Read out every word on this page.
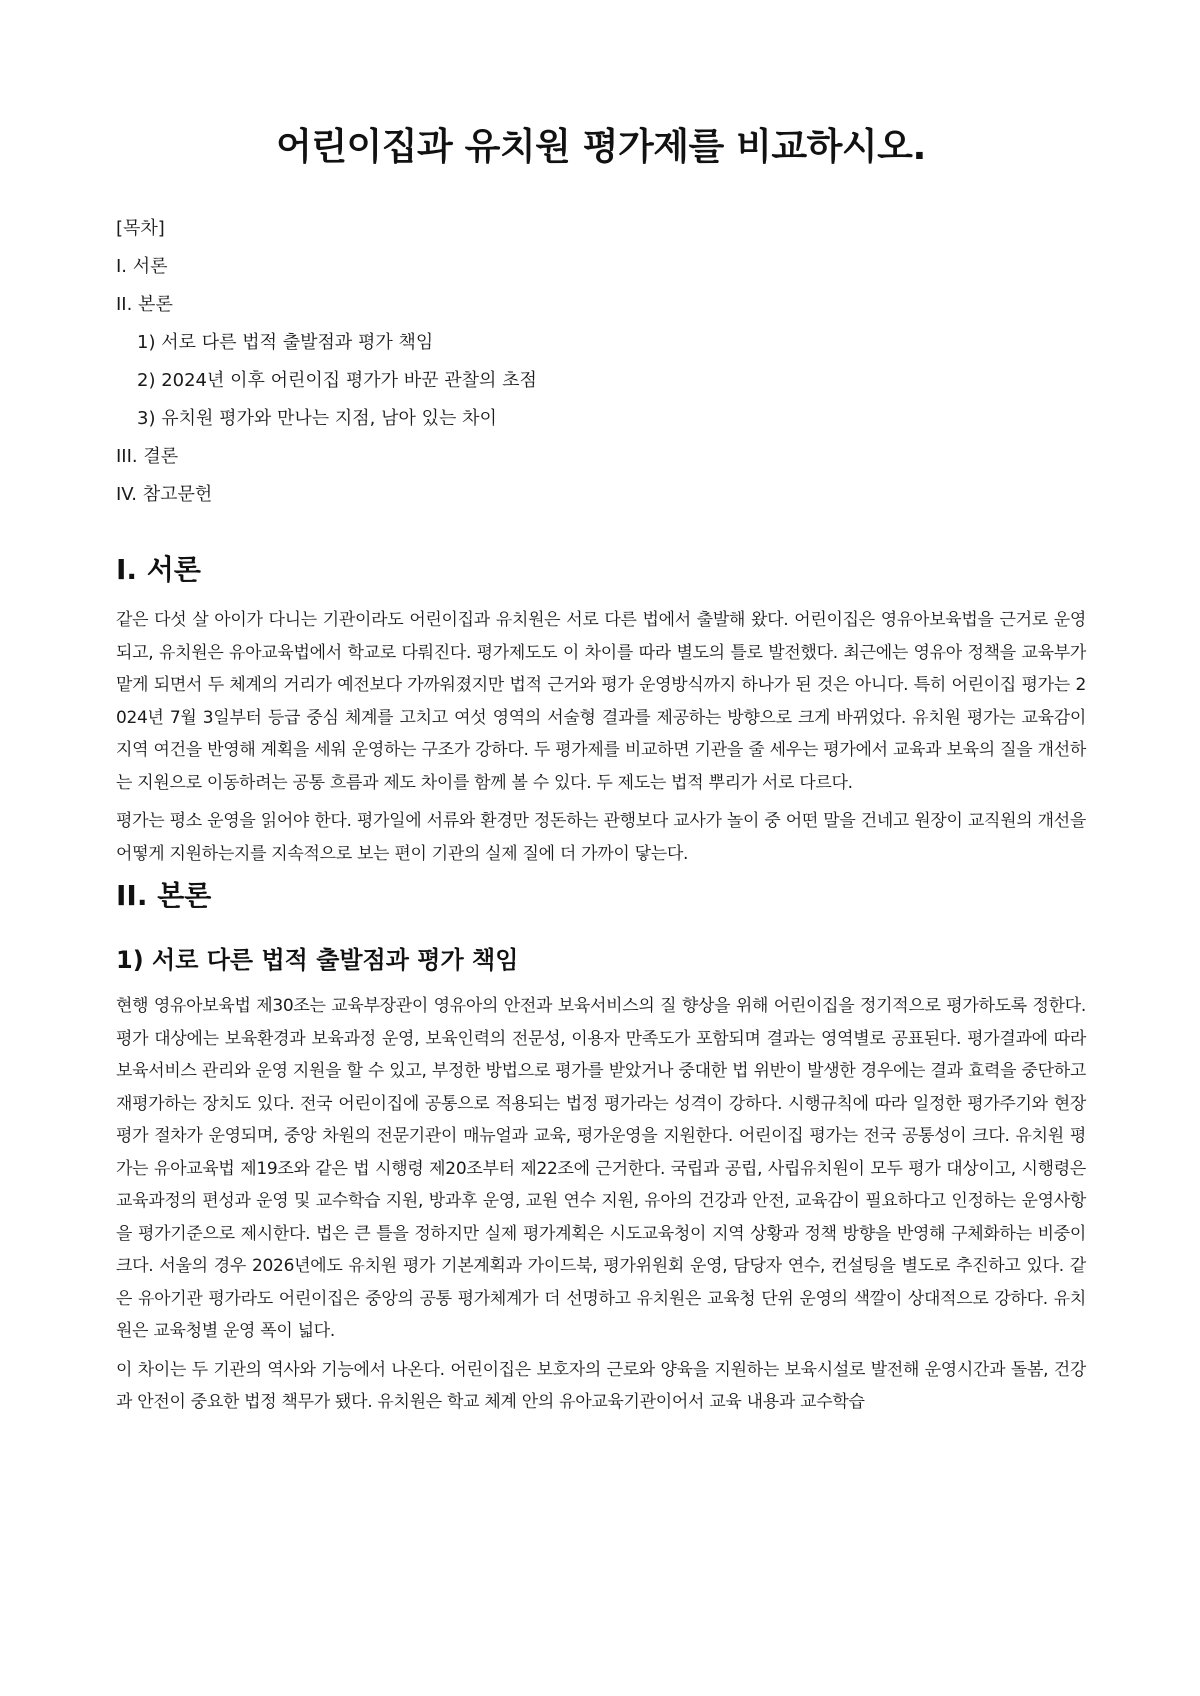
어린이집과 유치원 평가제를 비교하시오.
[목차]
I. 서론
II. 본론
1) 서로 다른 법적 출발점과 평가 책임
2) 2024년 이후 어린이집 평가가 바꾼 관찰의 초점
3) 유치원 평가와 만나는 지점, 남아 있는 차이
III. 결론
IV. 참고문헌
I. 서론

같은 다섯 살 아이가 다니는 기관이라도 어린이집과 유치원은 서로 다른 법에서 출발해 왔다. 어린이집은 영유아보육법을 근거로 운영되고, 유치원은 유아교육법에서 학교로 다뤄진다. 평가제도도 이 차이를 따라 별도의 틀로 발전했다. 최근에는 영유아 정책을 교육부가 맡게 되면서 두 체계의 거리가 예전보다 가까워졌지만 법적 근거와 평가 운영방식까지 하나가 된 것은 아니다. 특히 어린이집 평가는 2024년 7월 3일부터 등급 중심 체계를 고치고 여섯 영역의 서술형 결과를 제공하는 방향으로 크게 바뀌었다. 유치원 평가는 교육감이 지역 여건을 반영해 계획을 세워 운영하는 구조가 강하다. 두 평가제를 비교하면 기관을 줄 세우는 평가에서 교육과 보육의 질을 개선하는 지원으로 이동하려는 공통 흐름과 제도 차이를 함께 볼 수 있다. 두 제도는 법적 뿌리가 서로 다르다.

평가는 평소 운영을 읽어야 한다. 평가일에 서류와 환경만 정돈하는 관행보다 교사가 놀이 중 어떤 말을 건네고 원장이 교직원의 개선을 어떻게 지원하는지를 지속적으로 보는 편이 기관의 실제 질에 더 가까이 닿는다.

II. 본론
1) 서로 다른 법적 출발점과 평가 책임

현행 영유아보육법 제30조는 교육부장관이 영유아의 안전과 보육서비스의 질 향상을 위해 어린이집을 정기적으로 평가하도록 정한다. 평가 대상에는 보육환경과 보육과정 운영, 보육인력의 전문성, 이용자 만족도가 포함되며 결과는 영역별로 공표된다. 평가결과에 따라 보육서비스 관리와 운영 지원을 할 수 있고, 부정한 방법으로 평가를 받았거나 중대한 법 위반이 발생한 경우에는 결과 효력을 중단하고 재평가하는 장치도 있다. 전국 어린이집에 공통으로 적용되는 법정 평가라는 성격이 강하다. 시행규칙에 따라 일정한 평가주기와 현장평가 절차가 운영되며, 중앙 차원의 전문기관이 매뉴얼과 교육, 평가운영을 지원한다. 어린이집 평가는 전국 공통성이 크다. 유치원 평가는 유아교육법 제19조와 같은 법 시행령 제20조부터 제22조에 근거한다. 국립과 공립, 사립유치원이 모두 평가 대상이고, 시행령은 교육과정의 편성과 운영 및 교수학습 지원, 방과후 운영, 교원 연수 지원, 유아의 건강과 안전, 교육감이 필요하다고 인정하는 운영사항을 평가기준으로 제시한다. 법은 큰 틀을 정하지만 실제 평가계획은 시도교육청이 지역 상황과 정책 방향을 반영해 구체화하는 비중이 크다. 서울의 경우 2026년에도 유치원 평가 기본계획과 가이드북, 평가위원회 운영, 담당자 연수, 컨설팅을 별도로 추진하고 있다. 같은 유아기관 평가라도 어린이집은 중앙의 공통 평가체계가 더 선명하고 유치원은 교육청 단위 운영의 색깔이 상대적으로 강하다. 유치원은 교육청별 운영 폭이 넓다.

이 차이는 두 기관의 역사와 기능에서 나온다. 어린이집은 보호자의 근로와 양육을 지원하는 보육시설로 발전해 운영시간과 돌봄, 건강과 안전이 중요한 법정 책무가 됐다. 유치원은 학교 체계 안의 유아교육기관이어서 교육 내용과 교수학습
